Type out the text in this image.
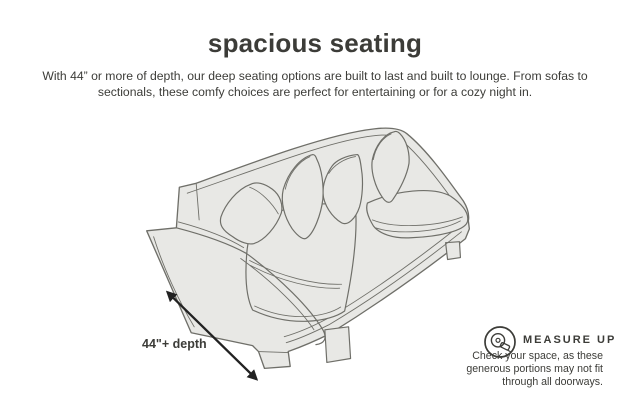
spacious seating

With 44” or more of depth, our deep seating options are built to last and built to lounge. From sofas to sectionals, these comfy choices are perfect for entertaining or for a cozy night in.

44"+ depth	MEASURE UP
Check your space, as these generous portions may not fit through all doorways.
